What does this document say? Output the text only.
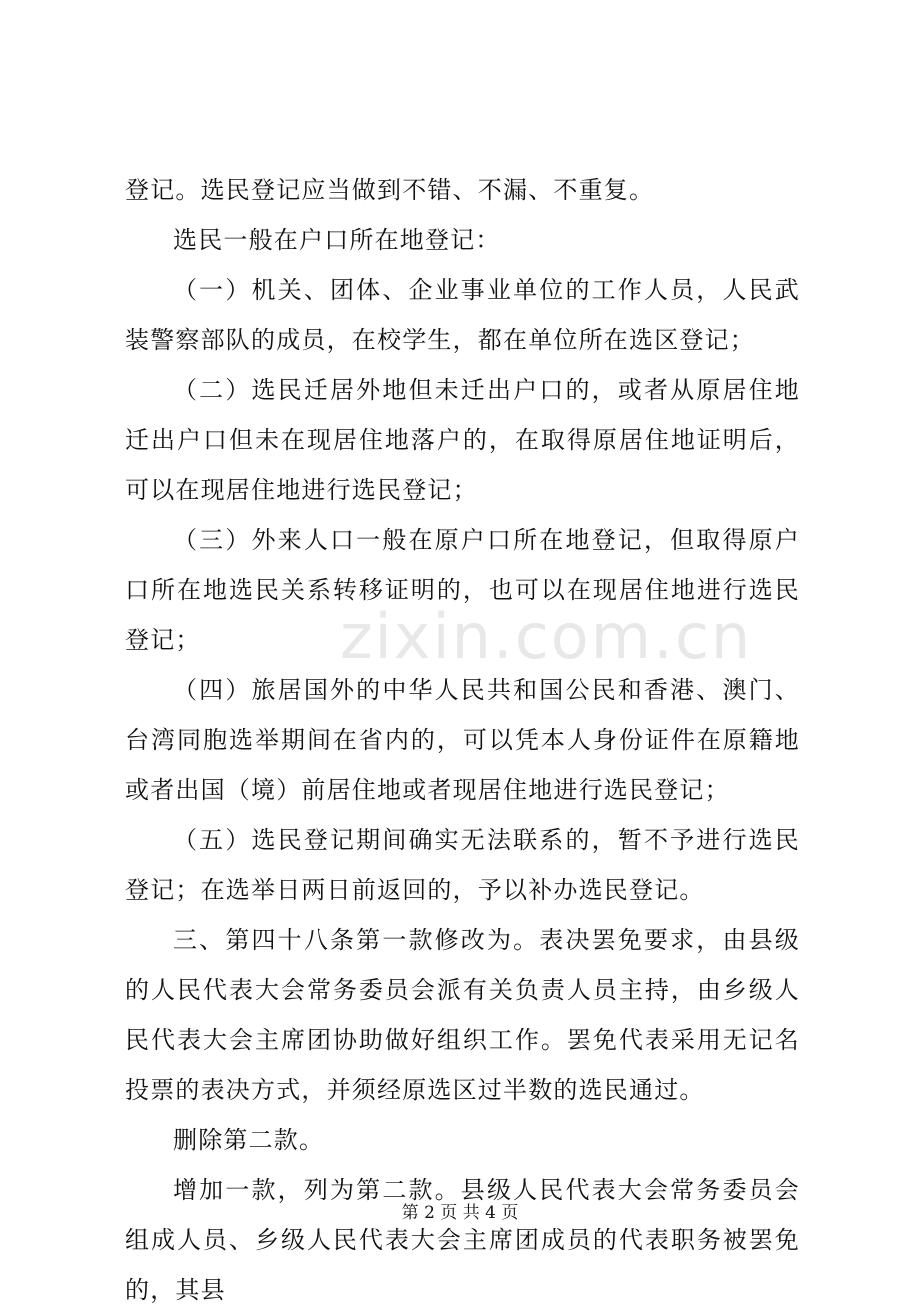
zixin.com.cn

登记。选民登记应当做到不错、不漏、不重复。

选民一般在户口所在地登记：

（一）机关、团体、企业事业单位的工作人员，人民武装警察部队的成员，在校学生，都在单位所在选区登记；

（二）选民迁居外地但未迁出户口的，或者从原居住地迁出户口但未在现居住地落户的，在取得原居住地证明后，可以在现居住地进行选民登记；

（三）外来人口一般在原户口所在地登记，但取得原户口所在地选民关系转移证明的，也可以在现居住地进行选民登记；

（四）旅居国外的中华人民共和国公民和香港、澳门、台湾同胞选举期间在省内的，可以凭本人身份证件在原籍地或者出国（境）前居住地或者现居住地进行选民登记；

（五）选民登记期间确实无法联系的，暂不予进行选民登记；在选举日两日前返回的，予以补办选民登记。

三、第四十八条第一款修改为。表决罢免要求，由县级的人民代表大会常务委员会派有关负责人员主持，由乡级人民代表大会主席团协助做好组织工作。罢免代表采用无记名投票的表决方式，并须经原选区过半数的选民通过。

删除第二款。

增加一款，列为第二款。县级人民代表大会常务委员会组成人员、乡级人民代表大会主席团成员的代表职务被罢免的，其县

第 2 页 共 4 页
